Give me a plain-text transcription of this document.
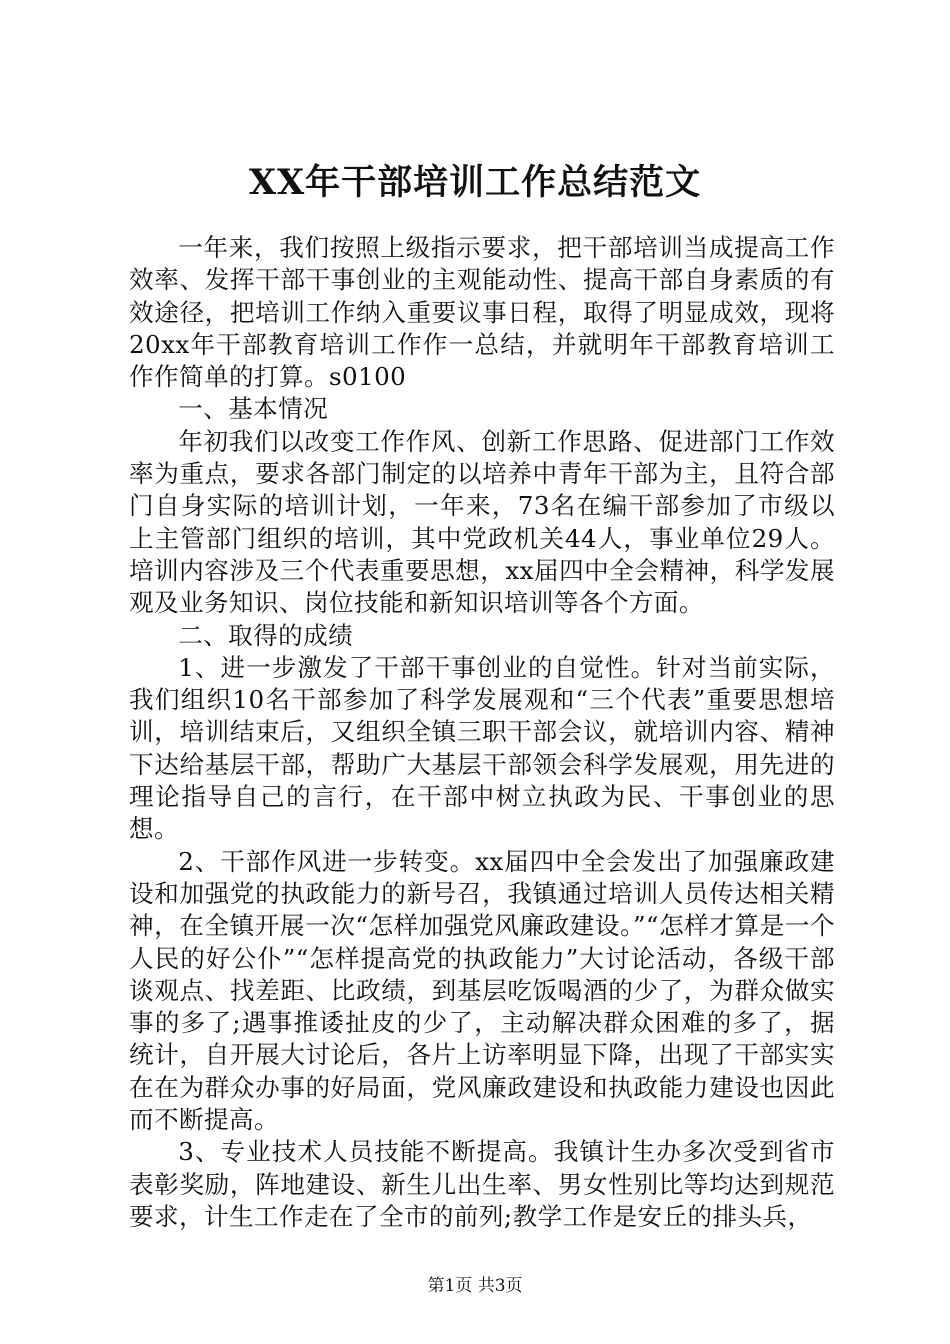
XX年干部培训工作总结范文

一年来，我们按照上级指示要求，把干部培训当成提高工作效率、发挥干部干事创业的主观能动性、提高干部自身素质的有效途径，把培训工作纳入重要议事日程，取得了明显成效，现将20xx年干部教育培训工作作一总结，并就明年干部教育培训工作作简单的打算。s0100

一、基本情况

年初我们以改变工作作风、创新工作思路、促进部门工作效率为重点，要求各部门制定的以培养中青年干部为主，且符合部门自身实际的培训计划，一年来，73名在编干部参加了市级以上主管部门组织的培训，其中党政机关44人，事业单位29人。培训内容涉及三个代表重要思想，xx届四中全会精神，科学发展观及业务知识、岗位技能和新知识培训等各个方面。

二、取得的成绩

1、进一步激发了干部干事创业的自觉性。针对当前实际，我们组织10名干部参加了科学发展观和“三个代表”重要思想培训，培训结束后，又组织全镇三职干部会议，就培训内容、精神下达给基层干部，帮助广大基层干部领会科学发展观，用先进的理论指导自己的言行，在干部中树立执政为民、干事创业的思想。

2、干部作风进一步转变。xx届四中全会发出了加强廉政建设和加强党的执政能力的新号召，我镇通过培训人员传达相关精神，在全镇开展一次“怎样加强党风廉政建设。”“怎样才算是一个人民的好公仆”“怎样提高党的执政能力”大讨论活动，各级干部谈观点、找差距、比政绩，到基层吃饭喝酒的少了，为群众做实事的多了;遇事推诿扯皮的少了，主动解决群众困难的多了，据统计，自开展大讨论后，各片上访率明显下降，出现了干部实实在在为群众办事的好局面，党风廉政建设和执政能力建设也因此而不断提高。

3、专业技术人员技能不断提高。我镇计生办多次受到省市表彰奖励，阵地建设、新生儿出生率、男女性别比等均达到规范要求，计生工作走在了全市的前列;教学工作是安丘的排头兵，

第1页 共3页
